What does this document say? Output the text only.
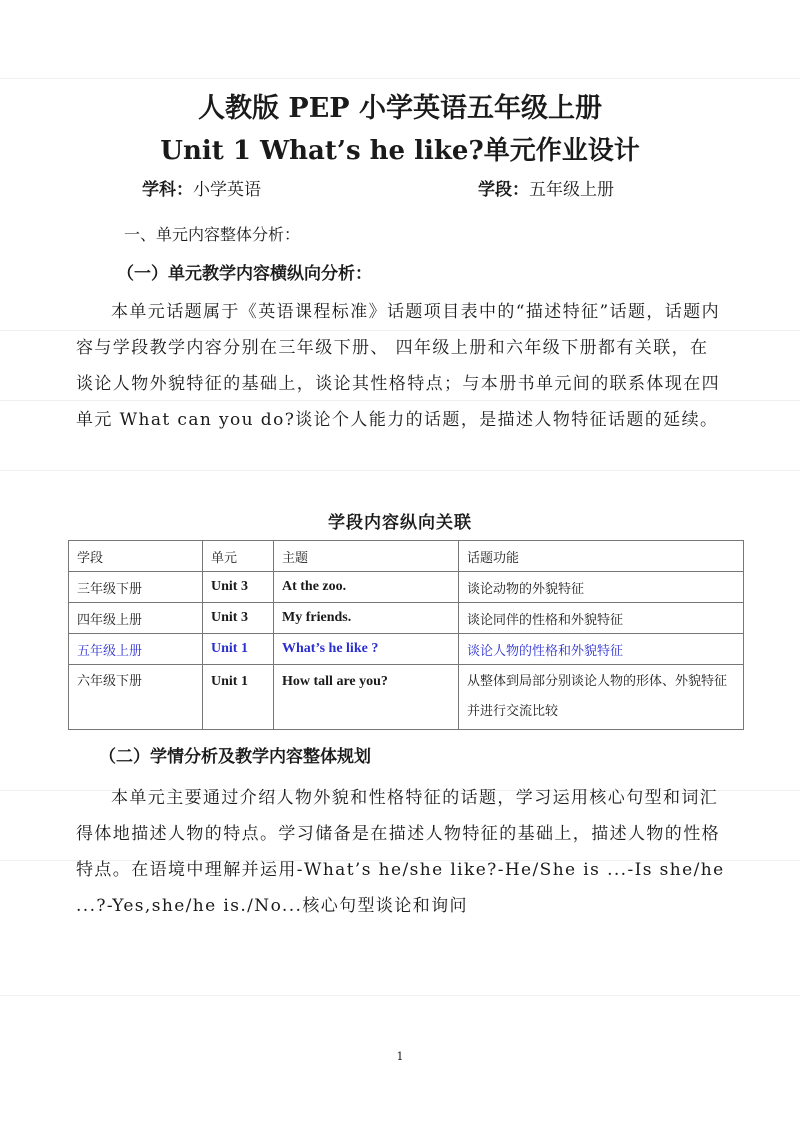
人教版 PEP 小学英语五年级上册
Unit 1 What’s he like?单元作业设计
学科：小学英语	学段：五年级上册
一、单元内容整体分析：
（一）单元教学内容横纵向分析：
本单元话题属于《英语课程标准》话题项目表中的“描述特征”话题，话题内容与学段教学内容分别在三年级下册、 四年级上册和六年级下册都有关联，在谈论人物外貌特征的基础上，谈论其性格特点；与本册书单元间的联系体现在四单元 What can you do?谈论个人能力的话题，是描述人物特征话题的延续。
学段内容纵向关联
学段	单元	主题	话题功能
三年级下册	Unit 3	At the zoo.	谈论动物的外貌特征
四年级上册	Unit 3	My friends.	谈论同伴的性格和外貌特征
五年级上册	Unit 1	What’s he like ?	谈论人物的性格和外貌特征
六年级下册	Unit 1	How tall are you?	从整体到局部分别谈论人物的形体、外貌特征并进行交流比较
（二）学情分析及教学内容整体规划
本单元主要通过介绍人物外貌和性格特征的话题，学习运用核心句型和词汇得体地描述人物的特点。学习储备是在描述人物特征的基础上，描述人物的性格特点。在语境中理解并运用-What’s he/she like?-He/She is ...-Is she/he ...?-Yes,she/he is./No...核心句型谈论和询问
1
